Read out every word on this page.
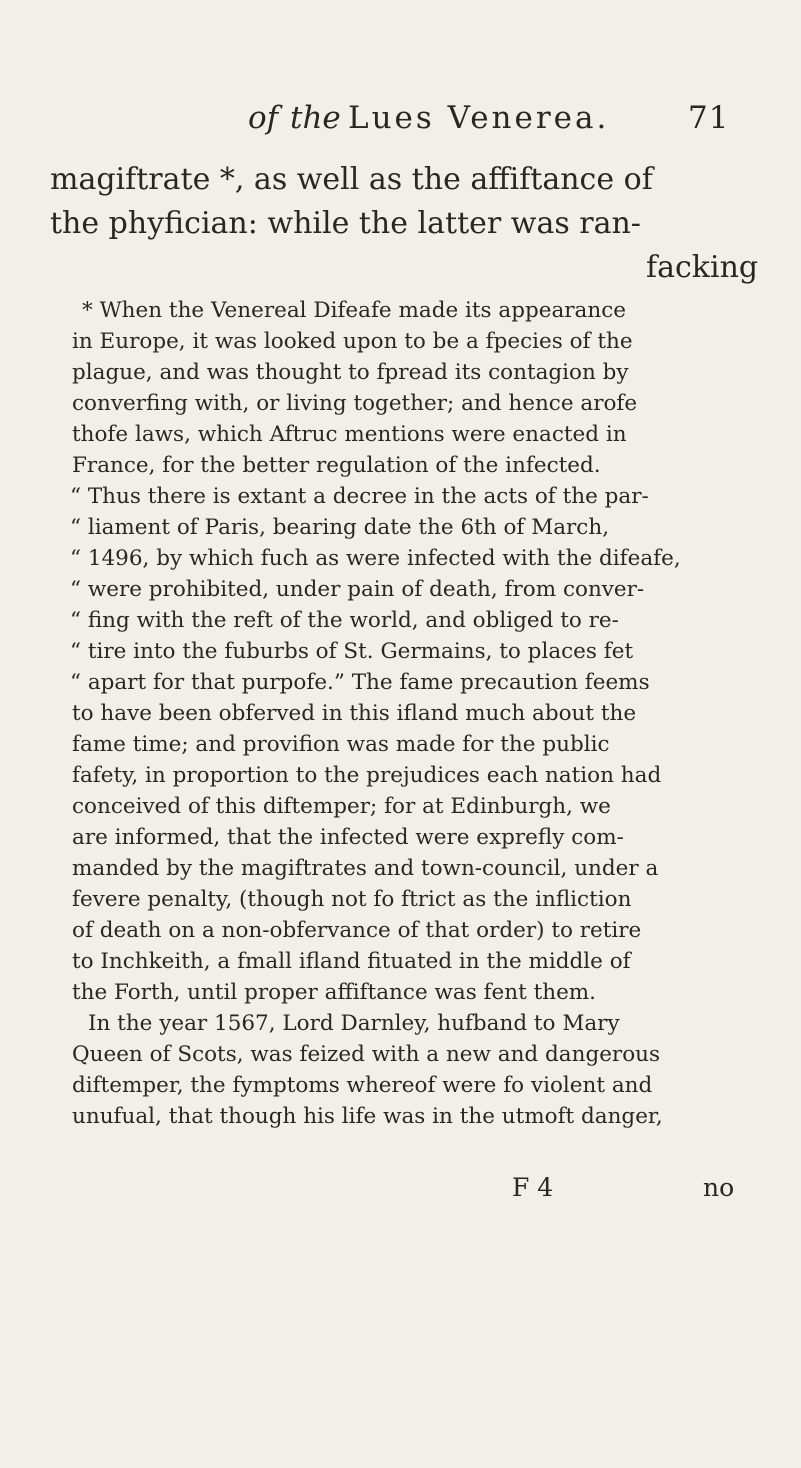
of the Lues Venerea.	71
magiftrate *, as well as the affiftance of
the phyfician: while the latter was ran-
facking
* When the Venereal Difeafe made its appearance
in Europe, it was looked upon to be a fpecies of the
plague, and was thought to fpread its contagion by
converfing with, or living together; and hence arofe
thofe laws, which Aftruc mentions were enacted in
France, for the better regulation of the infected.
“ Thus there is extant a decree in the acts of the par-
“ liament of Paris, bearing date the 6th of March,
“ 1496, by which fuch as were infected with the difeafe,
“ were prohibited, under pain of death, from conver-
“ fing with the reft of the world, and obliged to re-
“ tire into the fuburbs of St. Germains, to places fet
“ apart for that purpofe.” The fame precaution feems
to have been obferved in this ifland much about the
fame time; and provifion was made for the public
fafety, in proportion to the prejudices each nation had
conceived of this diftemper; for at Edinburgh, we
are informed, that the infected were exprefly com-
manded by the magiftrates and town-council, under a
fevere penalty, (though not fo ftrict as the infliction
of death on a non-obfervance of that order) to retire
to Inchkeith, a fmall ifland fituated in the middle of
the Forth, until proper affiftance was fent them.
In the year 1567, Lord Darnley, hufband to Mary
Queen of Scots, was feized with a new and dangerous
diftemper, the fymptoms whereof were fo violent and
unufual, that though his life was in the utmoft danger,
F 4	no
